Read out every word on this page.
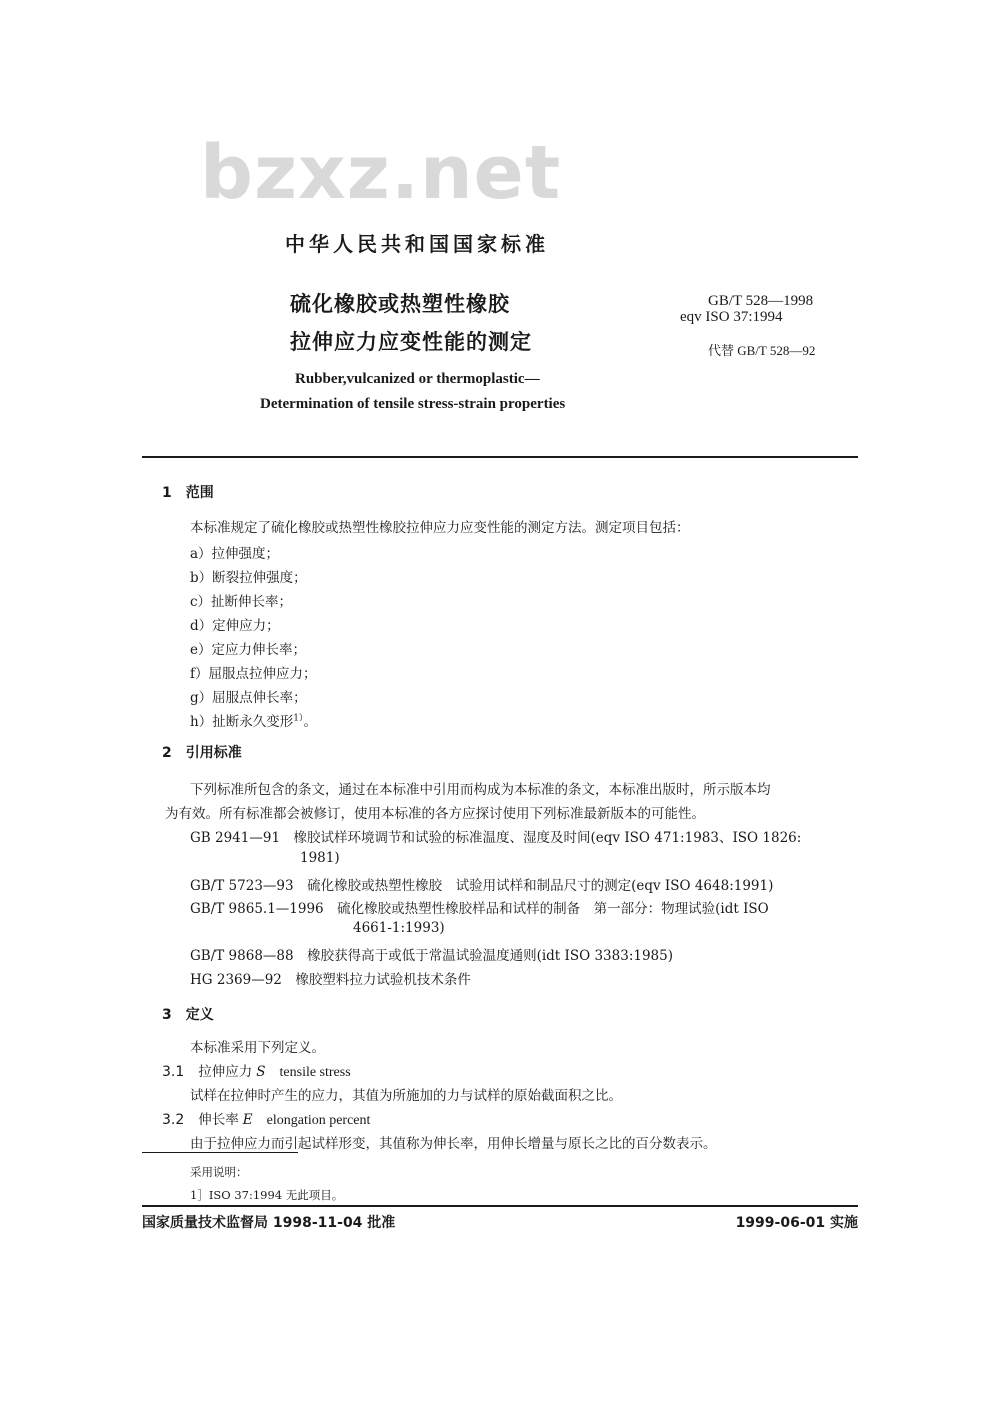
bzxz.net
中华人民共和国国家标准
硫化橡胶或热塑性橡胶
拉伸应力应变性能的测定
GB/T 528—1998
eqv ISO 37:1994
代替 GB/T 528—92
Rubber,vulcanized or thermoplastic—
Determination of tensile stress-strain properties
1 范围
本标准规定了硫化橡胶或热塑性橡胶拉伸应力应变性能的测定方法。测定项目包括：
a）拉伸强度；
b）断裂拉伸强度；
c）扯断伸长率；
d）定伸应力；
e）定应力伸长率；
f）屈服点拉伸应力；
g）屈服点伸长率；
h）扯断永久变形$^{1)}$。
2 引用标准
下列标准所包含的条文，通过在本标准中引用而构成为本标准的条文，本标准出版时，所示版本均
为有效。所有标准都会被修订，使用本标准的各方应探讨使用下列标准最新版本的可能性。
GB 2941—91　橡胶试样环境调节和试验的标准温度、湿度及时间(eqv ISO 471:1983、ISO 1826:
1981)
GB/T 5723—93　硫化橡胶或热塑性橡胶　试验用试样和制品尺寸的测定(eqv ISO 4648:1991)
GB/T 9865.1—1996　硫化橡胶或热塑性橡胶样品和试样的制备　第一部分：物理试验(idt ISO
4661-1:1993)
GB/T 9868—88　橡胶获得高于或低于常温试验温度通则(idt ISO 3383:1985)
HG 2369—92　橡胶塑料拉力试验机技术条件
3 定义
本标准采用下列定义。
3.1 拉伸应力 S tensile stress
试样在拉伸时产生的应力，其值为所施加的力与试样的原始截面积之比。
3.2 伸长率 E elongation percent
由于拉伸应力而引起试样形变，其值称为伸长率，用伸长增量与原长之比的百分数表示。
采用说明：
1］ISO 37:1994 无此项目。
国家质量技术监督局 1998-11-04 批准	1999-06-01 实施
